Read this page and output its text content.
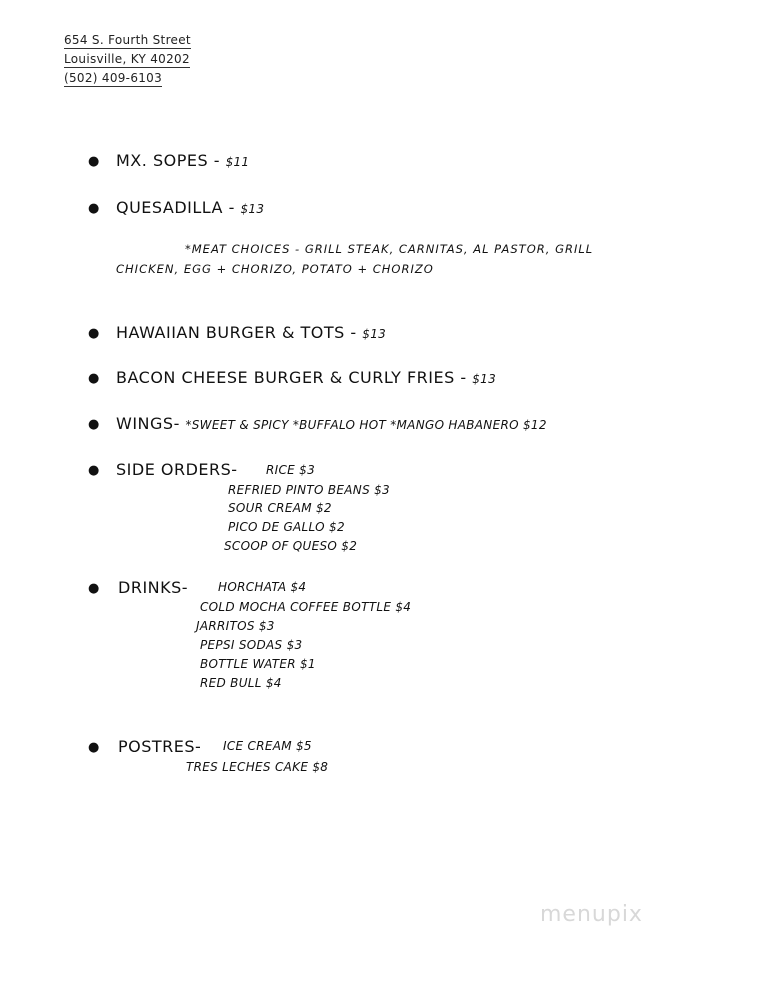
654 S. Fourth Street
Louisville, KY 40202
(502) 409-6103
● MX. SOPES - $11
● QUESADILLA - $13
*MEAT CHOICES - GRILL STEAK, CARNITAS, AL PASTOR, GRILL
CHICKEN, EGG + CHORIZO, POTATO + CHORIZO
● HAWAIIAN BURGER & TOTS - $13
● BACON CHEESE BURGER & CURLY FRIES - $13
● WINGS- *SWEET & SPICY *BUFFALO HOT *MANGO HABANERO $12
● SIDE ORDERS- RICE $3
REFRIED PINTO BEANS $3
SOUR CREAM $2
PICO DE GALLO $2
SCOOP OF QUESO $2
● DRINKS- HORCHATA $4
COLD MOCHA COFFEE BOTTLE $4
JARRITOS $3
PEPSI SODAS $3
BOTTLE WATER $1
RED BULL $4
● POSTRES- ICE CREAM $5
TRES LECHES CAKE $8
menupix
